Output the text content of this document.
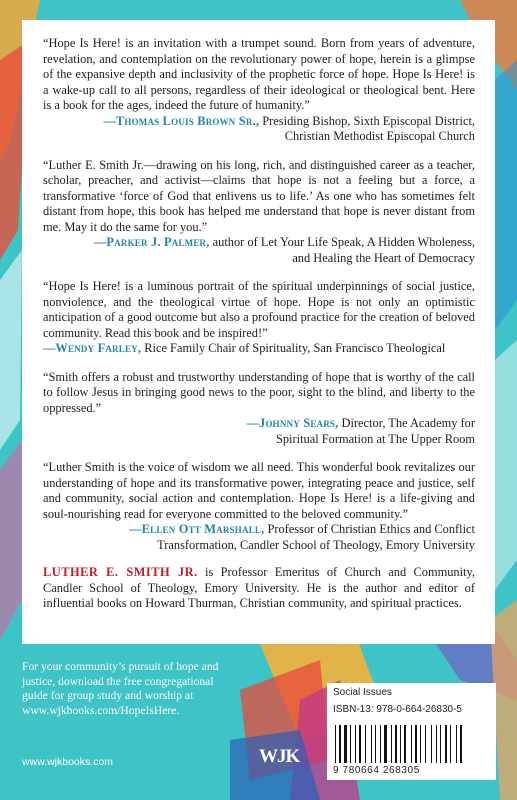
“Hope Is Here! is an invitation with a trumpet sound. Born from years of adventure, revelation, and contemplation on the revolutionary power of hope, herein is a glimpse of the expansive depth and inclusivity of the prophetic force of hope. Hope Is Here! is a wake-up call to all persons, regardless of their ideological or theological bent. Here is a book for the ages, indeed the future of humanity.”

—Thomas Louis Brown Sr., Presiding Bishop, Sixth Episcopal District,
Christian Methodist Episcopal Church

“Luther E. Smith Jr.—drawing on his long, rich, and distinguished career as a teacher, scholar, preacher, and activist—claims that hope is not a feeling but a force, a transformative ‘force of God that enlivens us to life.’ As one who has sometimes felt distant from hope, this book has helped me understand that hope is never distant from me. May it do the same for you.”

—Parker J. Palmer, author of Let Your Life Speak, A Hidden Wholeness,
and Healing the Heart of Democracy

“Hope Is Here! is a luminous portrait of the spiritual underpinnings of social justice, nonviolence, and the theological virtue of hope. Hope is not only an optimistic anticipation of a good outcome but also a profound practice for the creation of beloved community. Read this book and be inspired!”

—Wendy Farley, Rice Family Chair of Spirituality, San Francisco Theological

“Smith offers a robust and trustworthy understanding of hope that is worthy of the call to follow Jesus in bringing good news to the poor, sight to the blind, and liberty to the oppressed.”

—Johnny Sears, Director, The Academy for
Spiritual Formation at The Upper Room

“Luther Smith is the voice of wisdom we all need. This wonderful book revitalizes our understanding of hope and its transformative power, integrating peace and justice, self and community, social action and contemplation. Hope Is Here! is a life-giving and soul-nourishing read for everyone committed to the beloved community.”

—Ellen Ott Marshall, Professor of Christian Ethics and Conflict
Transformation, Candler School of Theology, Emory University

LUTHER E. SMITH JR. is Professor Emeritus of Church and Community, Candler School of Theology, Emory University. He is the author and editor of influential books on Howard Thurman, Christian community, and spiritual practices.

For your community’s pursuit of hope and justice, download the free congregational guide for group study and worship at www.wjkbooks.com/HopeIsHere.
www.wjkbooks.com	WJK
Social Issues
ISBN-13: 978-0-664-26830-5
9 780664 268305
